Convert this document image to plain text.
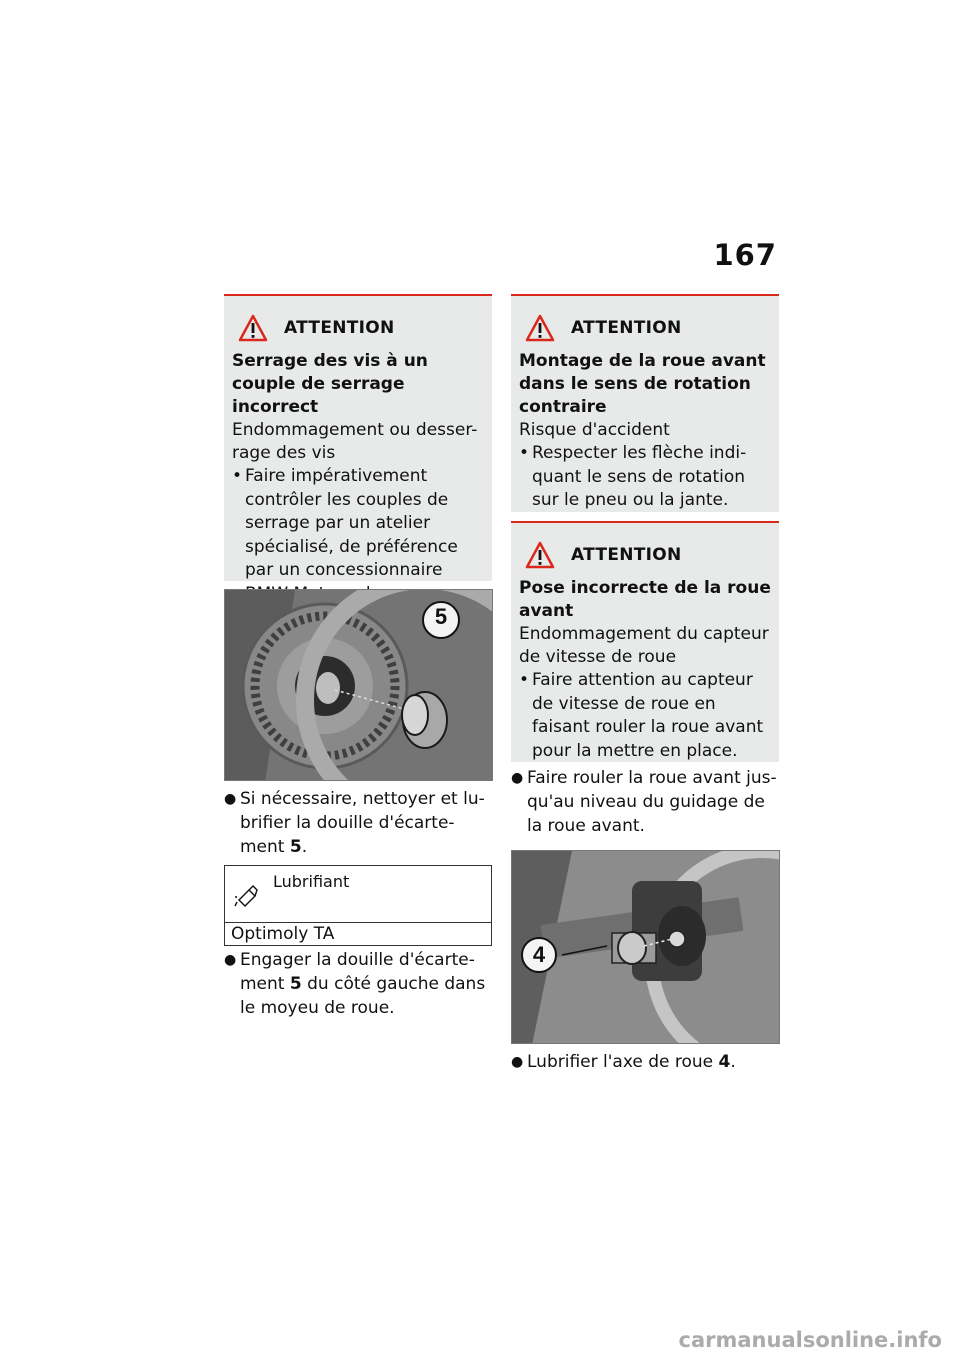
167
ATTENTION
Serrage des vis à un couple de serrage incorrect
Endommagement ou desser-rage des vis
• Faire impérativement contrôler les couples de serrage par un atelier spécialisé, de préférence par un concessionnaire
5
● Si nécessaire, nettoyer et lu-brifier la douille d'écarte-ment 5.
Lubrifiant
Optimoly TA
● Engager la douille d'écarte-ment 5 du côté gauche dans le moyeu de roue.
ATTENTION
Montage de la roue avant dans le sens de rotation contraire
Risque d'accident
• Respecter les flèche indi-quant le sens de rotation sur le pneu ou la jante.
ATTENTION
Pose incorrecte de la roue avant
Endommagement du capteur de vitesse de roue
• Faire attention au capteur de vitesse de roue en faisant rouler la roue avant pour la mettre en place.
● Faire rouler la roue avant jus-qu'au niveau du guidage de la roue avant.
4
● Lubrifier l'axe de roue 4.
carmanualsonline.info
